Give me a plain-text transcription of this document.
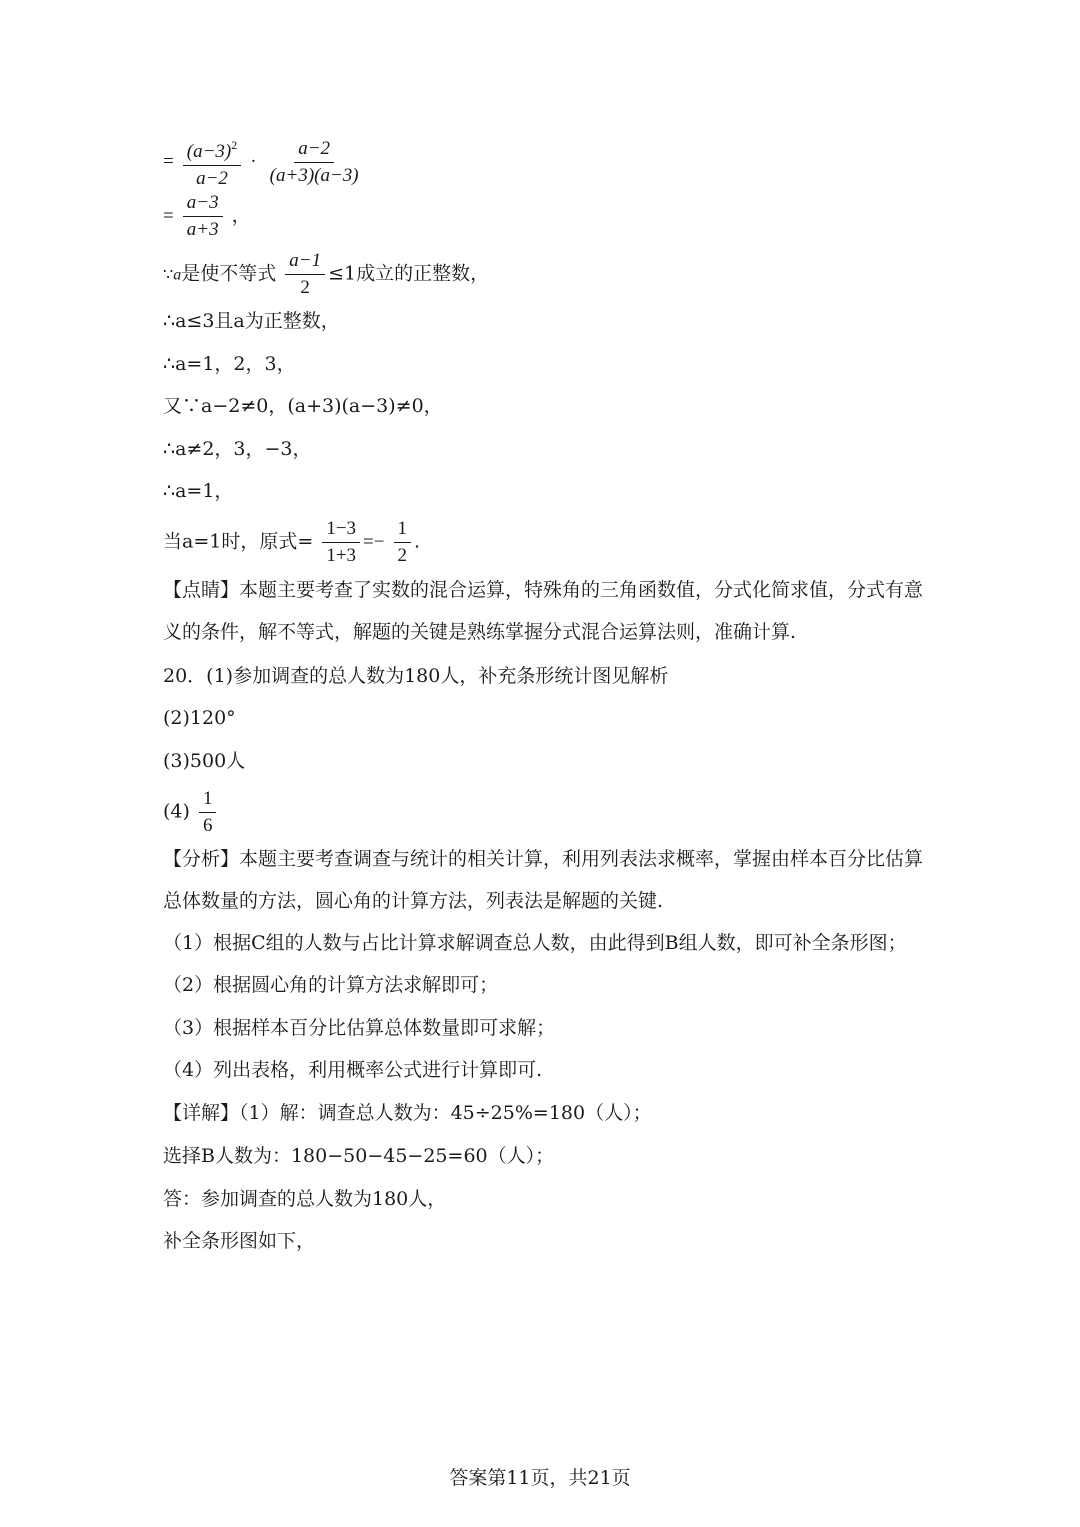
= $\frac{(a-3)^2}{a-2} \cdot \frac{a-2}{(a+3)(a-3)}$
= $\frac{a-3}{a+3}$ ，
∵a是使不等式 $\frac{a-1}{2} \le 1$成立的正整数，
∴a≤3且a为正整数，
∴a=1，2，3，
又∵a−2≠0，(a+3)(a−3)≠0，
∴a≠2，3，−3，
∴a=1，
当a=1时，原式= $\frac{1-3}{1+3} =- \frac{1}{2}$ .
【点睛】本题主要考查了实数的混合运算，特殊角的三角函数值，分式化简求值，分式有意义的条件，解不等式，解题的关键是熟练掌握分式混合运算法则，准确计算.
20．(1)参加调查的总人数为180人，补充条形统计图见解析
(2)120°
(3)500人
$(4) \frac{1}{6}$
【分析】本题主要考查调查与统计的相关计算，利用列表法求概率，掌握由样本百分比估算总体数量的方法，圆心角的计算方法，列表法是解题的关键.
（1）根据C组的人数与占比计算求解调查总人数，由此得到B组人数，即可补全条形图；
（2）根据圆心角的计算方法求解即可；
（3）根据样本百分比估算总体数量即可求解；
（4）列出表格，利用概率公式进行计算即可.
【详解】（1）解：调查总人数为：45÷25%=180（人）；
选择B人数为：180−50−45−25=60（人）；
答：参加调查的总人数为180人，
补全条形图如下，
答案第11页，共21页
